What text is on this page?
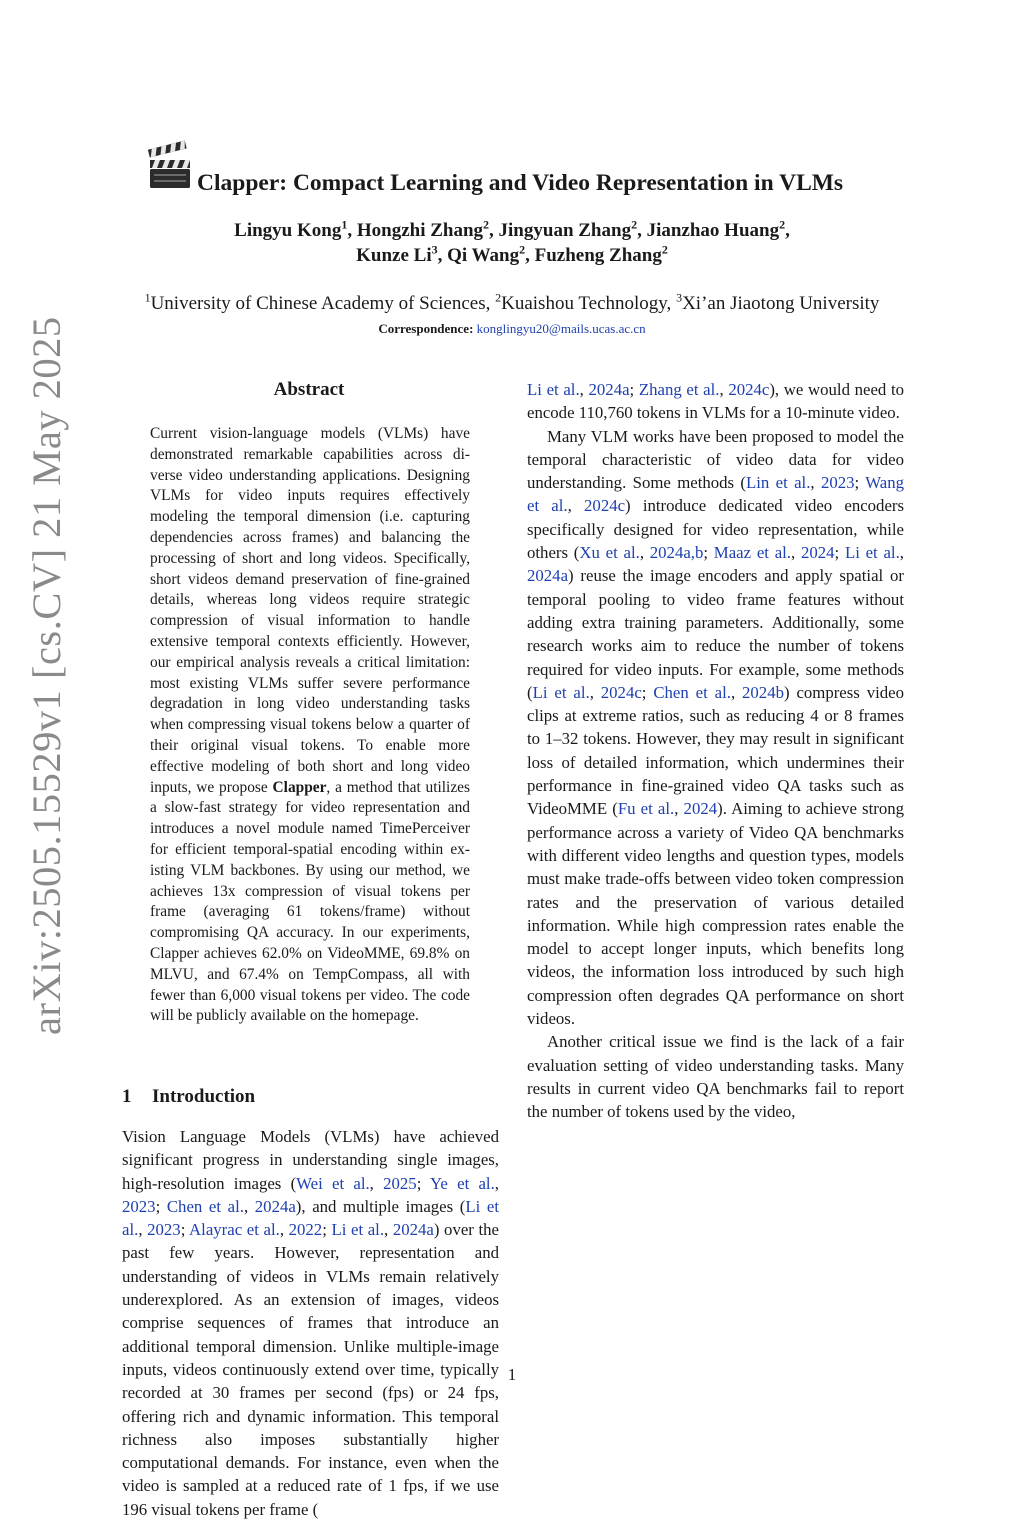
arXiv:2505.15529v1 [cs.CV] 21 May 2025
Clapper: Compact Learning and Video Representation in VLMs
Lingyu Kong$^1$, Hongzhi Zhang$^2$, Jingyuan Zhang$^2$, Jianzhao Huang$^2$,
Kunze Li$^3$, Qi Wang$^2$, Fuzheng Zhang$^2$
$^1$University of Chinese Academy of Sciences, $^2$Kuaishou Technology, $^3$Xi’an Jiaotong University
Correspondence: konglingyu20@mails.ucas.ac.cn
Abstract
Current vision-language models (VLMs) have demonstrated remarkable capabilities across diverse video understanding applications. Designing VLMs for video inputs requires effectively modeling the temporal dimension (i.e. capturing dependencies across frames) and balancing the processing of short and long videos. Specifically, short videos demand preservation of fine-grained details, whereas long videos require strategic compression of visual information to handle extensive temporal contexts efficiently. However, our empirical analysis reveals a critical limitation: most existing VLMs suffer severe performance degradation in long video understanding tasks when compressing visual tokens below a quarter of their original visual tokens. To enable more effective modeling of both short and long video inputs, we propose Clapper, a method that utilizes a slow-fast strategy for video representation and introduces a novel module named TimePerceiver for efficient temporal-spatial encoding within existing VLM backbones. By using our method, we achieves 13x compression of visual tokens per frame (averaging 61 tokens/frame) without compromising QA accuracy. In our experiments, Clapper achieves 62.0% on VideoMME, 69.8% on MLVU, and 67.4% on TempCompass, all with fewer than 6,000 visual tokens per video. The code will be publicly available on the homepage.
1 Introduction

Vision Language Models (VLMs) have achieved significant progress in understanding single images, high-resolution images (Wei et al., 2025; Ye et al., 2023; Chen et al., 2024a), and multiple images (Li et al., 2023; Alayrac et al., 2022; Li et al., 2024a) over the past few years. However, representation and understanding of videos in VLMs remain relatively underexplored. As an extension of images, videos comprise sequences of frames that introduce an additional temporal dimension. Unlike multiple-image inputs, videos continuously extend over time, typically recorded at 30 frames per second (fps) or 24 fps, offering rich and dynamic information. This temporal richness also imposes substantially higher computational demands. For instance, even when the video is sampled at a reduced rate of 1 fps, if we use 196 visual tokens per frame (

Li et al., 2024a; Zhang et al., 2024c), we would need to encode 110,760 tokens in VLMs for a 10-minute video.

Many VLM works have been proposed to model the temporal characteristic of video data for video understanding. Some methods (Lin et al., 2023; Wang et al., 2024c) introduce dedicated video encoders specifically designed for video representation, while others (Xu et al., 2024a,b; Maaz et al., 2024; Li et al., 2024a) reuse the image encoders and apply spatial or temporal pooling to video frame features without adding extra training parameters. Additionally, some research works aim to reduce the number of tokens required for video inputs. For example, some methods (Li et al., 2024c; Chen et al., 2024b) compress video clips at extreme ratios, such as reducing 4 or 8 frames to 1–32 tokens. However, they may result in significant loss of detailed information, which undermines their performance in fine-grained video QA tasks such as VideoMME (Fu et al., 2024). Aiming to achieve strong performance across a variety of Video QA benchmarks with different video lengths and question types, models must make trade-offs between video token compression rates and the preservation of various detailed information. While high compression rates enable the model to accept longer inputs, which benefits long videos, the information loss introduced by such high compression often degrades QA performance on short videos.

Another critical issue we find is the lack of a fair evaluation setting of video understanding tasks. Many results in current video QA benchmarks fail to report the number of tokens used by the video,

1
